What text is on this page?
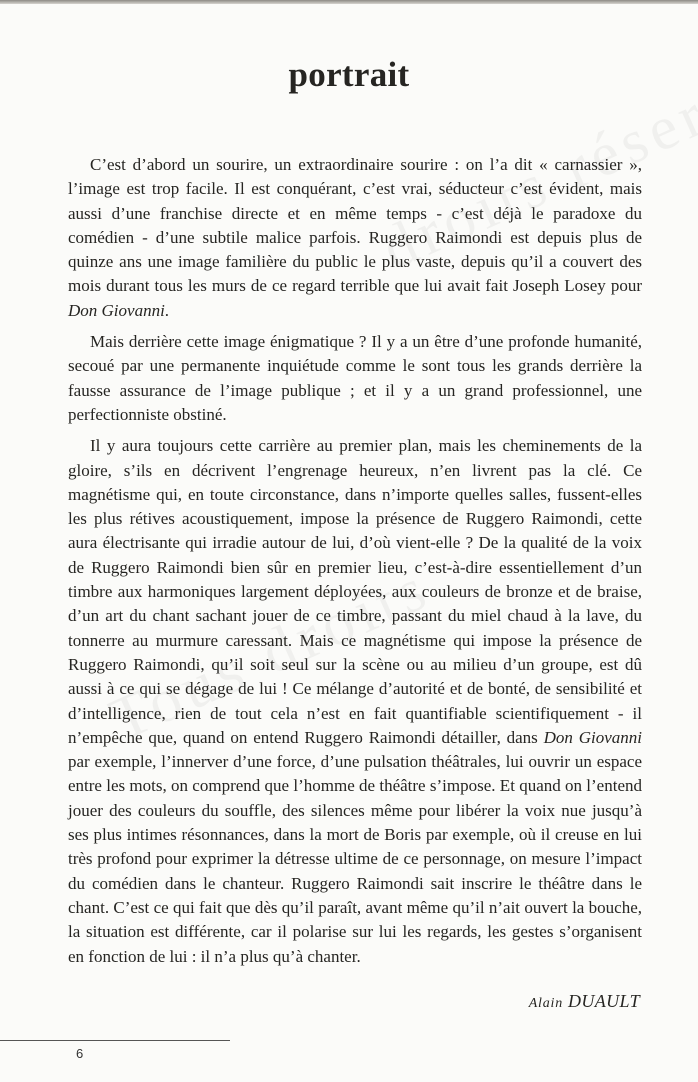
portrait

C’est d’abord un sourire, un extraordinaire sourire : on l’a dit « carnassier », l’image est trop facile. Il est conquérant, c’est vrai, séducteur c’est évident, mais aussi d’une franchise directe et en même temps - c’est déjà le paradoxe du comédien - d’une subtile malice parfois. Ruggero Raimondi est depuis plus de quinze ans une image familière du public le plus vaste, depuis qu’il a couvert des mois durant tous les murs de ce regard terrible que lui avait fait Joseph Losey pour Don Giovanni.

Mais derrière cette image énigmatique ? Il y a un être d’une profonde humanité, secoué par une permanente inquiétude comme le sont tous les grands derrière la fausse assurance de l’image publique ; et il y a un grand professionnel, une perfectionniste obstiné.

Il y aura toujours cette carrière au premier plan, mais les cheminements de la gloire, s’ils en décrivent l’engrenage heureux, n’en livrent pas la clé. Ce magnétisme qui, en toute circonstance, dans n’importe quelles salles, fussent-elles les plus rétives acoustiquement, impose la présence de Ruggero Raimondi, cette aura électrisante qui irradie autour de lui, d’où vient-elle ? De la qualité de la voix de Ruggero Raimondi bien sûr en premier lieu, c’est-à-dire essentiellement d’un timbre aux harmoniques largement déployées, aux couleurs de bronze et de braise, d’un art du chant sachant jouer de ce timbre, passant du miel chaud à la lave, du tonnerre au murmure caressant. Mais ce magnétisme qui impose la présence de Ruggero Raimondi, qu’il soit seul sur la scène ou au milieu d’un groupe, est dû aussi à ce qui se dégage de lui ! Ce mélange d’autorité et de bonté, de sensibilité et d’intelligence, rien de tout cela n’est en fait quantifiable scientifiquement - il n’empêche que, quand on entend Ruggero Raimondi détailler, dans Don Giovanni par exemple, l’innerver d’une force, d’une pulsation théâtrales, lui ouvrir un espace entre les mots, on comprend que l’homme de théâtre s’impose. Et quand on l’entend jouer des couleurs du souffle, des silences même pour libérer la voix nue jusqu’à ses plus intimes résonnances, dans la mort de Boris par exemple, où il creuse en lui très profond pour exprimer la détresse ultime de ce personnage, on mesure l’impact du comédien dans le chanteur. Ruggero Raimondi sait inscrire le théâtre dans le chant. C’est ce qui fait que dès qu’il paraît, avant même qu’il n’ait ouvert la bouche, la situation est différente, car il polarise sur lui les regards, les gestes s’organisent en fonction de lui : il n’a plus qu’à chanter.

Alain DUAULT
6
